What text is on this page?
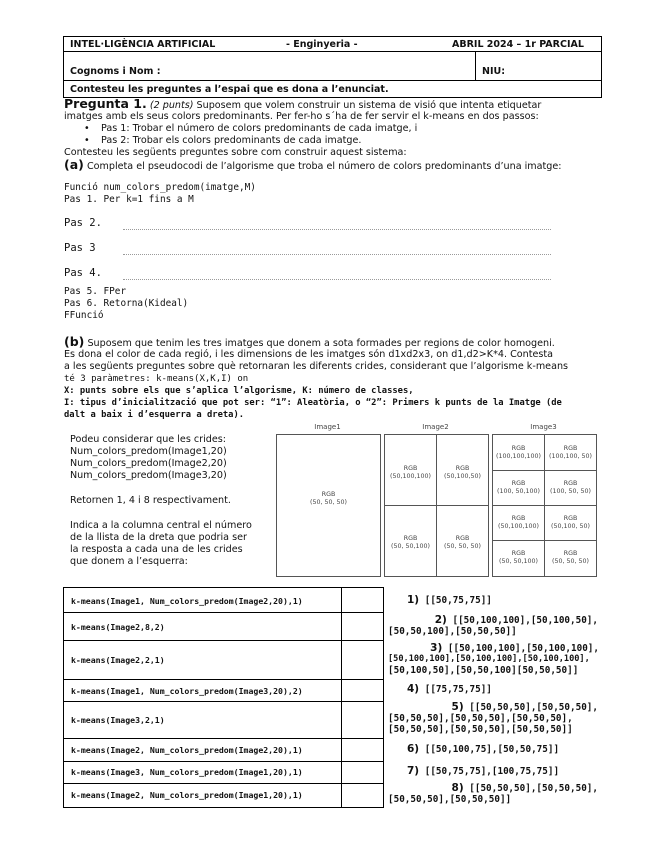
INTEL·LIGÈNCIA ARTIFICIAL	- Enginyeria -	ABRIL 2024 – 1r PARCIAL
Cognoms i Nom :	NIU:
Contesteu les preguntes a l’espai que es dona a l’enunciat.
Pregunta 1. (2 punts) Suposem que volem construir un sistema de visió que intenta etiquetar
imatges amb els seus colors predominants. Per fer-ho s´ha de fer servir el k-means en dos passos:
• Pas 1: Trobar el número de colors predominants de cada imatge, i
• Pas 2: Trobar els colors predominants de cada imatge.
Contesteu les següents preguntes sobre com construir aquest sistema:
(a) Completa el pseudocodi de l’algorisme que troba el número de colors predominants d’una imatge:
Funció num_colors_predom(imatge,M)
Pas 1. Per k=1 fins a M
Pas 2.
Pas 3
Pas 4.
Pas 5. FPer
Pas 6. Retorna(Kideal)
FFunció
(b) Suposem que tenim les tres imatges que donem a sota formades per regions de color homogeni.
Es dona el color de cada regió, i les dimensions de les imatges són d1xd2x3, on d1,d2>K*4. Contesta
a les següents preguntes sobre què retornaran les diferents crides, considerant que l’algorisme k-means
té 3 paràmetres: k-means(X,K,I) on
X: punts sobre els que s’aplica l’algorisme, K: número de classes,
I: tipus d’inicialització que pot ser: “1”: Aleatòria, o “2”: Primers k punts de la Imatge (de
dalt a baix i d’esquerra a dreta).
Podeu considerar que les crides:
Num_colors_predom(Image1,20)
Num_colors_predom(Image2,20)
Num_colors_predom(Image3,20)
Retornen 1, 4 i 8 respectivament.
Indica a la columna central el número
de la llista de la dreta que podria ser
la resposta a cada una de les crides
que donem a l’esquerra:
Image1
RGB
(50, 50, 50)
Image2
RGB
(50,100,100)
RGB
(50,100,50)
RGB
(50, 50,100)
RGB
(50, 50, 50)
Image3
RGB
(100,100,100)
RGB
(100,100, 50)
RGB
(100, 50,100)
RGB
(100, 50, 50)
RGB
(50,100,100)
RGB
(50,100, 50)
RGB
(50, 50,100)
RGB
(50, 50, 50)
k-means(Image1, Num_colors_predom(Image2,20),1)
k-means(Image2,8,2)
k-means(Image2,2,1)
k-means(Image1, Num_colors_predom(Image3,20),2)
k-means(Image3,2,1)
k-means(Image2, Num_colors_predom(Image2,20),1)
k-means(Image3, Num_colors_predom(Image1,20),1)
k-means(Image2, Num_colors_predom(Image1,20),1)
1) [[50,75,75]]
2) [[50,100,100],[50,100,50],
[50,50,100],[50,50,50]]
3) [[50,100,100],[50,100,100],
[50,100,100],[50,100,100],[50,100,100],
[50,100,50],[50,50,100][50,50,50]]
4) [[75,75,75]]
5) [[50,50,50],[50,50,50],
[50,50,50],[50,50,50],[50,50,50],
[50,50,50],[50,50,50],[50,50,50]]
6) [[50,100,75],[50,50,75]]
7) [[50,75,75],[100,75,75]]
8) [[50,50,50],[50,50,50],
[50,50,50],[50,50,50]]
